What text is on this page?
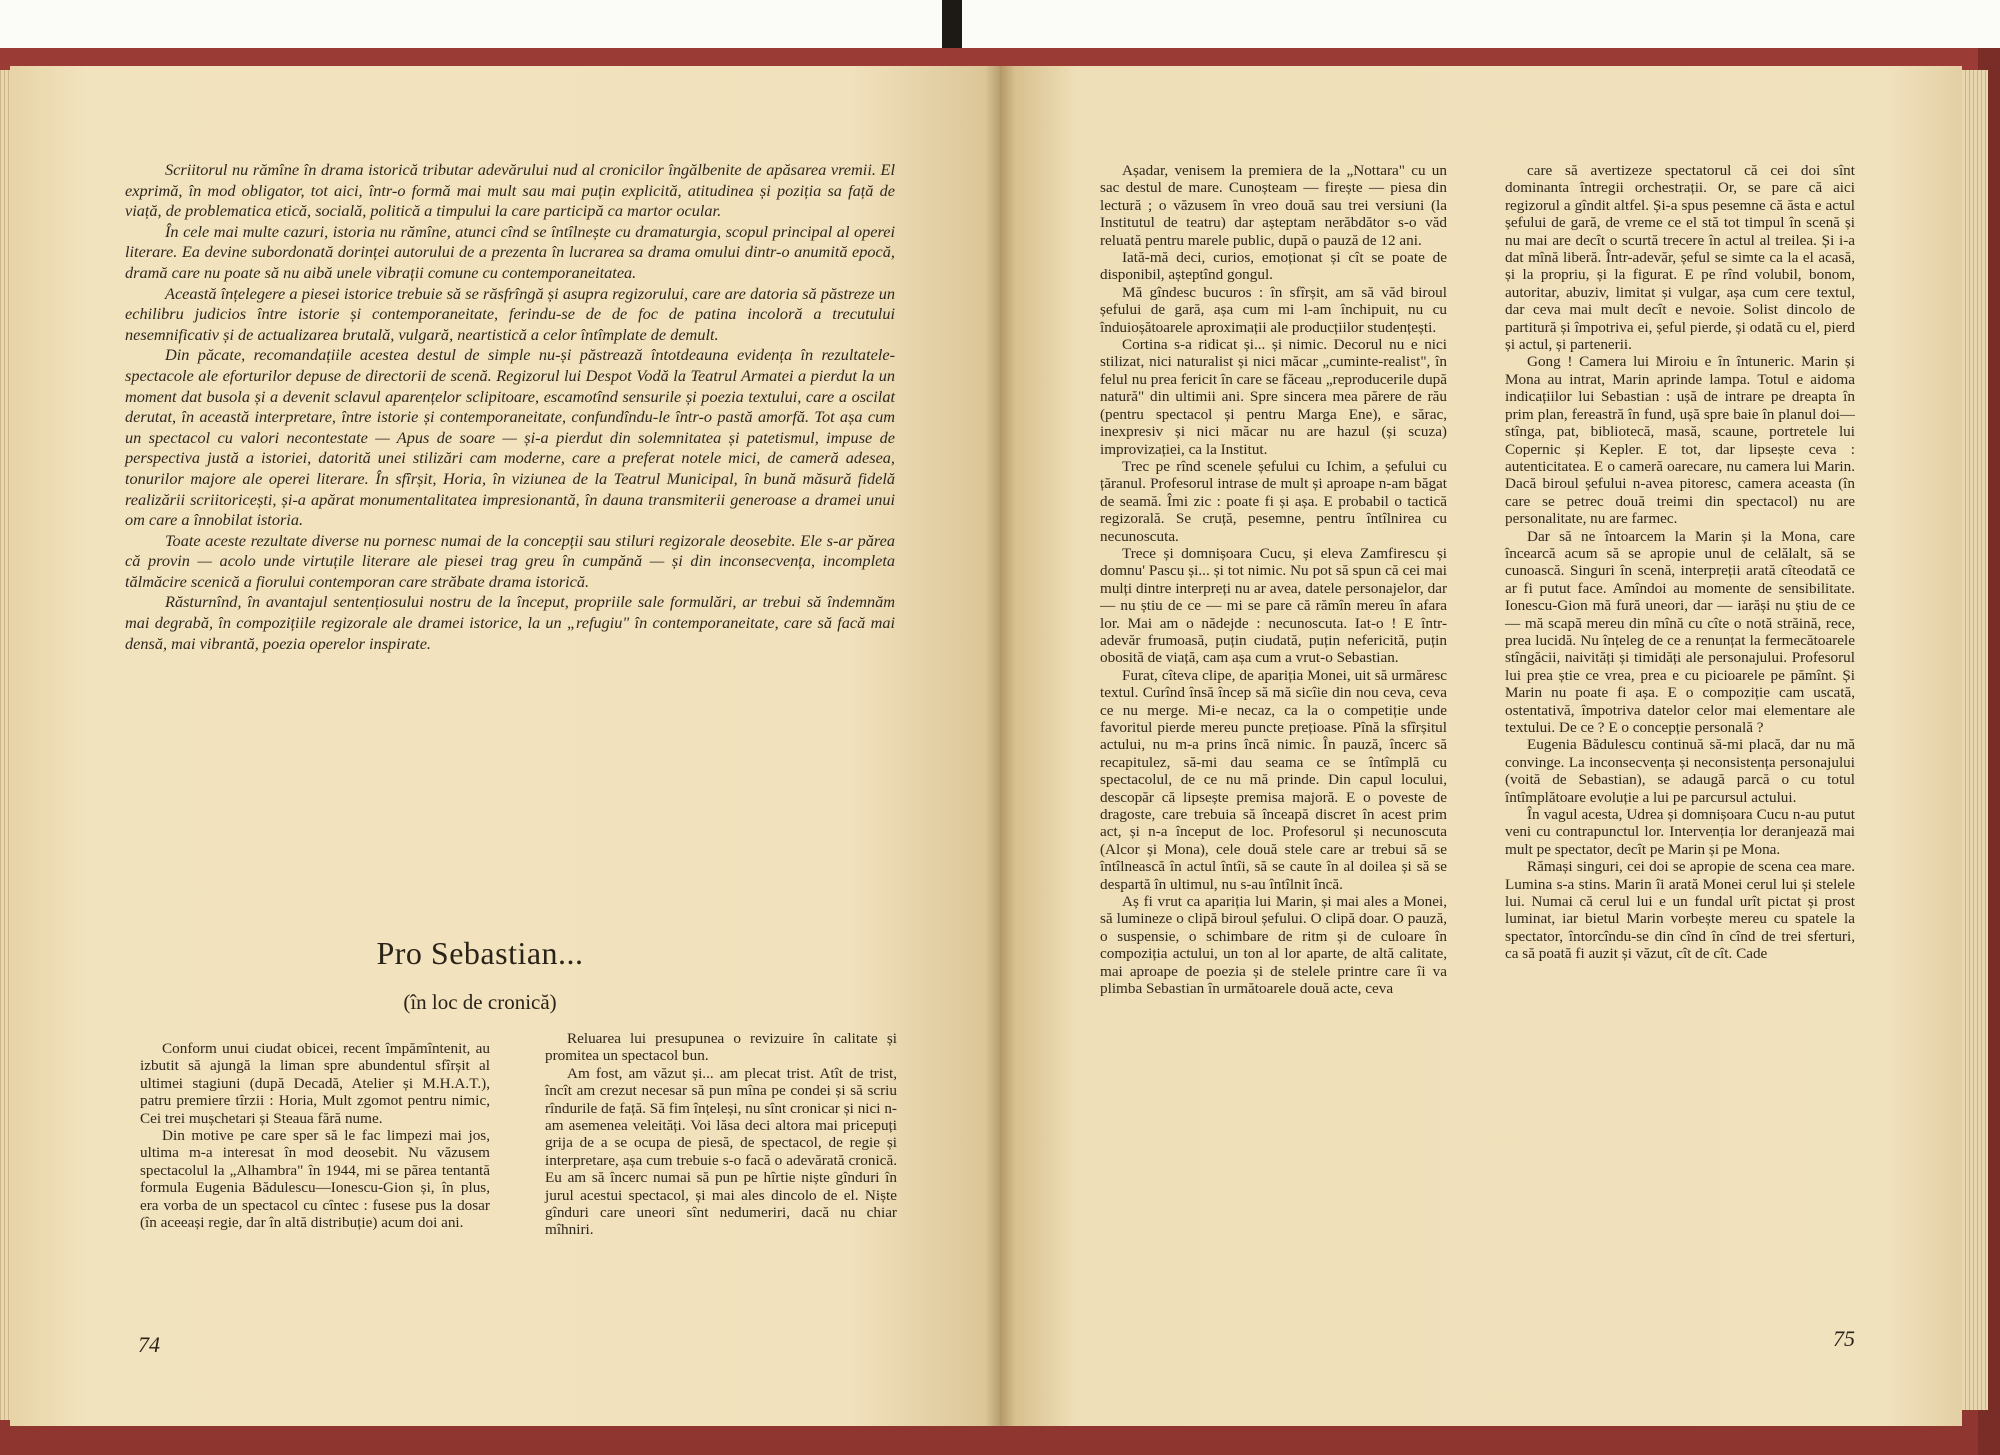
Scriitorul nu rămîne în drama istorică tributar adevărului nud al cronicilor îngălbenite de apăsarea vremii. El exprimă, în mod obligator, tot aici, într-o formă mai mult sau mai puțin explicită, atitudinea și poziția sa față de viață, de problematica etică, socială, politică a timpului la care participă ca martor ocular.

În cele mai multe cazuri, istoria nu rămîne, atunci cînd se întîlnește cu dramaturgia, scopul principal al operei literare. Ea devine subordonată dorinței autorului de a prezenta în lucrarea sa drama omului dintr-o anumită epocă, dramă care nu poate să nu aibă unele vibrații comune cu contemporaneitatea.

Această înțelegere a piesei istorice trebuie să se răsfrîngă și asupra regizorului, care are datoria să păstreze un echilibru judicios între istorie și contemporaneitate, ferindu-se de de foc de patina incoloră a trecutului nesemnificativ și de actualizarea brutală, vulgară, neartistică a celor întîmplate de demult.

Din păcate, recomandațiile acestea destul de simple nu-și păstrează întotdeauna evidența în rezultatele-spectacole ale eforturilor depuse de directorii de scenă. Regizorul lui Despot Vodă la Teatrul Armatei a pierdut la un moment dat busola și a devenit sclavul aparențelor sclipitoare, escamotînd sensurile și poezia textului, care a oscilat derutat, în această interpretare, între istorie și contemporaneitate, confundîndu-le într-o pastă amorfă. Tot așa cum un spectacol cu valori necontestate — Apus de soare — și-a pierdut din solemnitatea și patetismul, impuse de perspectiva justă a istoriei, datorită unei stilizări cam moderne, care a preferat notele mici, de cameră adesea, tonurilor majore ale operei literare. În sfîrșit, Horia, în viziunea de la Teatrul Municipal, în bună măsură fidelă realizării scriitoricești, și-a apărat monumentalitatea impresionantă, în dauna transmiterii generoase a dramei unui om care a înnobilat istoria.

Toate aceste rezultate diverse nu pornesc numai de la concepții sau stiluri regizorale deosebite. Ele s-ar părea că provin — acolo unde virtuțile literare ale piesei trag greu în cumpănă — și din inconsecvența, incompleta tălmăcire scenică a fiorului contemporan care străbate drama istorică.

Răsturnînd, în avantajul sentențiosului nostru de la început, propriile sale formulări, ar trebui să îndemnăm mai degrabă, în compozițiile regizorale ale dramei istorice, la un „refugiu" în contemporaneitate, care să facă mai densă, mai vibrantă, poezia operelor inspirate.

Pro Sebastian...
(în loc de cronică)

Conform unui ciudat obicei, recent împămîntenit, au izbutit să ajungă la liman spre abundentul sfîrșit al ultimei stagiuni (după Decadă, Atelier și M.H.A.T.), patru premiere tîrzii : Horia, Mult zgomot pentru nimic, Cei trei mușchetari și Steaua fără nume.

Din motive pe care sper să le fac limpezi mai jos, ultima m-a interesat în mod deosebit. Nu văzusem spectacolul la „Alhambra" în 1944, mi se părea tentantă formula Eugenia Bădulescu—Ionescu-Gion și, în plus, era vorba de un spectacol cu cîntec : fusese pus la dosar (în aceeași regie, dar în altă distribuție) acum doi ani.

Reluarea lui presupunea o revizuire în calitate și promitea un spectacol bun.

Am fost, am văzut și... am plecat trist. Atît de trist, încît am crezut necesar să pun mîna pe condei și să scriu rîndurile de față. Să fim înțeleși, nu sînt cronicar și nici n-am asemenea veleități. Voi lăsa deci altora mai pricepuți grija de a se ocupa de piesă, de spectacol, de regie și interpretare, așa cum trebuie s-o facă o adevărată cronică. Eu am să încerc numai să pun pe hîrtie niște gînduri în jurul acestui spectacol, și mai ales dincolo de el. Niște gînduri care uneori sînt nedumeriri, dacă nu chiar mîhniri.

74

Așadar, venisem la premiera de la „Nottara" cu un sac destul de mare. Cunoșteam — firește — piesa din lectură ; o văzusem în vreo două sau trei versiuni (la Institutul de teatru) dar așteptam nerăbdător s-o văd reluată pentru marele public, după o pauză de 12 ani.

Iată-mă deci, curios, emoționat și cît se poate de disponibil, așteptînd gongul.

Mă gîndesc bucuros : în sfîrșit, am să văd biroul șefului de gară, așa cum mi l-am închipuit, nu cu înduioșătoarele aproximații ale producțiilor studențești.

Cortina s-a ridicat și... și nimic. Decorul nu e nici stilizat, nici naturalist și nici măcar „cuminte-realist", în felul nu prea fericit în care se făceau „reproducerile după natură" din ultimii ani. Spre sincera mea părere de rău (pentru spectacol și pentru Marga Ene), e sărac, inexpresiv și nici măcar nu are hazul (și scuza) improvizației, ca la Institut.

Trec pe rînd scenele șefului cu Ichim, a șefului cu țăranul. Profesorul intrase de mult și aproape n-am băgat de seamă. Îmi zic : poate fi și așa. E probabil o tactică regizorală. Se cruță, pesemne, pentru întîlnirea cu necunoscuta.

Trece și domnișoara Cucu, și eleva Zamfirescu și domnu' Pascu și... și tot nimic. Nu pot să spun că cei mai mulți dintre interpreți nu ar avea, datele personajelor, dar — nu știu de ce — mi se pare că rămîn mereu în afara lor. Mai am o nădejde : necunoscuta. Iat-o ! E într-adevăr frumoasă, puțin ciudată, puțin nefericită, puțin obosită de viață, cam așa cum a vrut-o Sebastian.

Furat, cîteva clipe, de apariția Monei, uit să urmăresc textul. Curînd însă încep să mă sicîie din nou ceva, ceva ce nu merge. Mi-e necaz, ca la o competiție unde favoritul pierde mereu puncte prețioase. Pînă la sfîrșitul actului, nu m-a prins încă nimic. În pauză, încerc să recapitulez, să-mi dau seama ce se întîmplă cu spectacolul, de ce nu mă prinde. Din capul locului, descopăr că lipsește premisa majoră. E o poveste de dragoste, care trebuia să înceapă discret în acest prim act, și n-a început de loc. Profesorul și necunoscuta (Alcor și Mona), cele două stele care ar trebui să se întîlnească în actul întîi, să se caute în al doilea și să se despartă în ultimul, nu s-au întîlnit încă.

Aș fi vrut ca apariția lui Marin, și mai ales a Monei, să lumineze o clipă biroul șefului. O clipă doar. O pauză, o suspensie, o schimbare de ritm și de culoare în compoziția actului, un ton al lor aparte, de altă calitate, mai aproape de poezia și de stelele printre care îi va plimba Sebastian în următoarele două acte, ceva

care să avertizeze spectatorul că cei doi sînt dominanta întregii orchestrații. Or, se pare că aici regizorul a gîndit altfel. Și-a spus pesemne că ăsta e actul șefului de gară, de vreme ce el stă tot timpul în scenă și nu mai are decît o scurtă trecere în actul al treilea. Și i-a dat mînă liberă. Într-adevăr, șeful se simte ca la el acasă, și la propriu, și la figurat. E pe rînd volubil, bonom, autoritar, abuziv, limitat și vulgar, așa cum cere textul, dar ceva mai mult decît e nevoie. Solist dincolo de partitură și împotriva ei, șeful pierde, și odată cu el, pierd și actul, și partenerii.

Gong ! Camera lui Miroiu e în întuneric. Marin și Mona au intrat, Marin aprinde lampa. Totul e aidoma indicațiilor lui Sebastian : ușă de intrare pe dreapta în prim plan, fereastră în fund, ușă spre baie în planul doi—stînga, pat, bibliotecă, masă, scaune, portretele lui Copernic și Kepler. E tot, dar lipsește ceva : autenticitatea. E o cameră oarecare, nu camera lui Marin. Dacă biroul șefului n-avea pitoresc, camera aceasta (în care se petrec două treimi din spectacol) nu are personalitate, nu are farmec.

Dar să ne întoarcem la Marin și la Mona, care încearcă acum să se apropie unul de celălalt, să se cunoască. Singuri în scenă, interpreții arată cîteodată ce ar fi putut face. Amîndoi au momente de sensibilitate. Ionescu-Gion mă fură uneori, dar — iarăși nu știu de ce — mă scapă mereu din mînă cu cîte o notă străină, rece, prea lucidă. Nu înțeleg de ce a renunțat la fermecătoarele stîngăcii, naivități și timidăți ale personajului. Profesorul lui prea știe ce vrea, prea e cu picioarele pe pămînt. Și Marin nu poate fi așa. E o compoziție cam uscată, ostentativă, împotriva datelor celor mai elementare ale textului. De ce ? E o concepție personală ?

Eugenia Bădulescu continuă să-mi placă, dar nu mă convinge. La inconsecvența și neconsistența personajului (voită de Sebastian), se adaugă parcă o cu totul întîmplătoare evoluție a lui pe parcursul actului.

În vagul acesta, Udrea și domnișoara Cucu n-au putut veni cu contrapunctul lor. Intervenția lor deranjează mai mult pe spectator, decît pe Marin și pe Mona.

Rămași singuri, cei doi se apropie de scena cea mare. Lumina s-a stins. Marin îi arată Monei cerul lui și stelele lui. Numai că cerul lui e un fundal urît pictat și prost luminat, iar bietul Marin vorbește mereu cu spatele la spectator, întorcîndu-se din cînd în cînd de trei sferturi, ca să poată fi auzit și văzut, cît de cît. Cade

75
